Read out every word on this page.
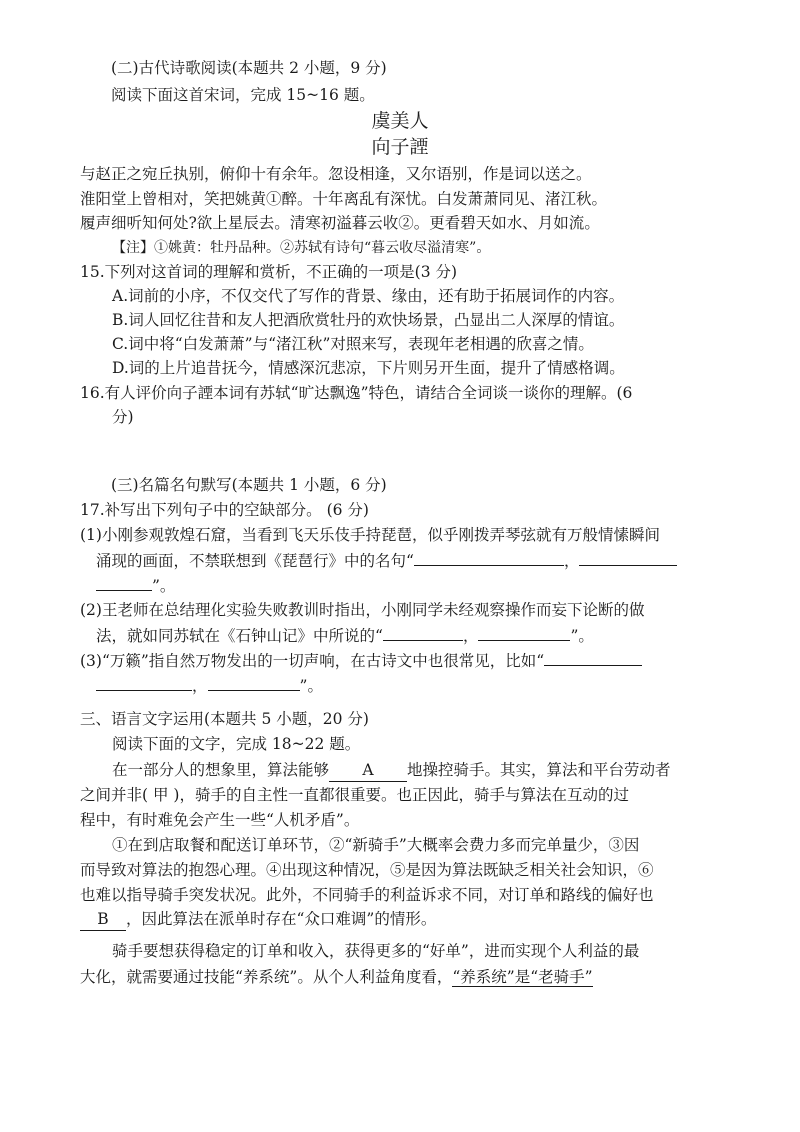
(二)古代诗歌阅读(本题共 2 小题，9 分)
阅读下面这首宋词，完成 15~16 题。
虞美人
向子諲
与赵正之宛丘执别，俯仰十有余年。忽设相逢，又尔语别，作是词以送之。
淮阳堂上曾相对，笑把姚黄①醉。十年离乱有深忧。白发萧萧同见、渚江秋。
履声细听知何处?欲上星辰去。清寒初溢暮云收②。更看碧天如水、月如流。
【注】①姚黄：牡丹品种。②苏轼有诗句“暮云收尽溢清寒”。
15.下列对这首词的理解和赏析，不正确的一项是(3 分)
A.词前的小序，不仅交代了写作的背景、缘由，还有助于拓展词作的内容。
B.词人回忆往昔和友人把酒欣赏牡丹的欢快场景，凸显出二人深厚的情谊。
C.词中将“白发萧萧”与“渚江秋”对照来写，表现年老相遇的欣喜之情。
D.词的上片追昔抚今，情感深沉悲凉，下片则另开生面，提升了情感格调。
16.有人评价向子諲本词有苏轼“旷达飘逸”特色，请结合全词谈一谈你的理解。(6
分)
(三)名篇名句默写(本题共 1 小题，6 分)
17.补写出下列句子中的空缺部分。 (6 分)
(1)小刚参观敦煌石窟，当看到飞天乐伎手持琵琶，似乎刚拨弄琴弦就有万般情愫瞬间
涌现的画面，不禁联想到《琵琶行》中的名句“	，
”。
(2)王老师在总结理化实验失败教训时指出，小刚同学未经观察操作而妄下论断的做
法，就如同苏轼在《石钟山记》中所说的“	，	”。
(3)“万籁”指自然万物发出的一切声响，在古诗文中也很常见，比如“
，	”。
三、语言文字运用(本题共 5 小题，20 分)
阅读下面的文字，完成 18~22 题。
在一部分人的想象里，算法能够 A 地操控骑手。其实，算法和平台劳动者
之间并非( 甲 )，骑手的自主性一直都很重要。也正因此，骑手与算法在互动的过
程中，有时难免会产生一些“人机矛盾”。
①在到店取餐和配送订单环节，②“新骑手”大概率会费力多而完单量少，③因
而导致对算法的抱怨心理。④出现这种情况，⑤是因为算法既缺乏相关社会知识，⑥
也难以指导骑手突发状况。此外，不同骑手的利益诉求不同，对订单和路线的偏好也
B ，因此算法在派单时存在“众口难调”的情形。
骑手要想获得稳定的订单和收入，获得更多的“好单”，进而实现个人利益的最
大化，就需要通过技能“养系统”。从个人利益角度看，“养系统”是“老骑手”
